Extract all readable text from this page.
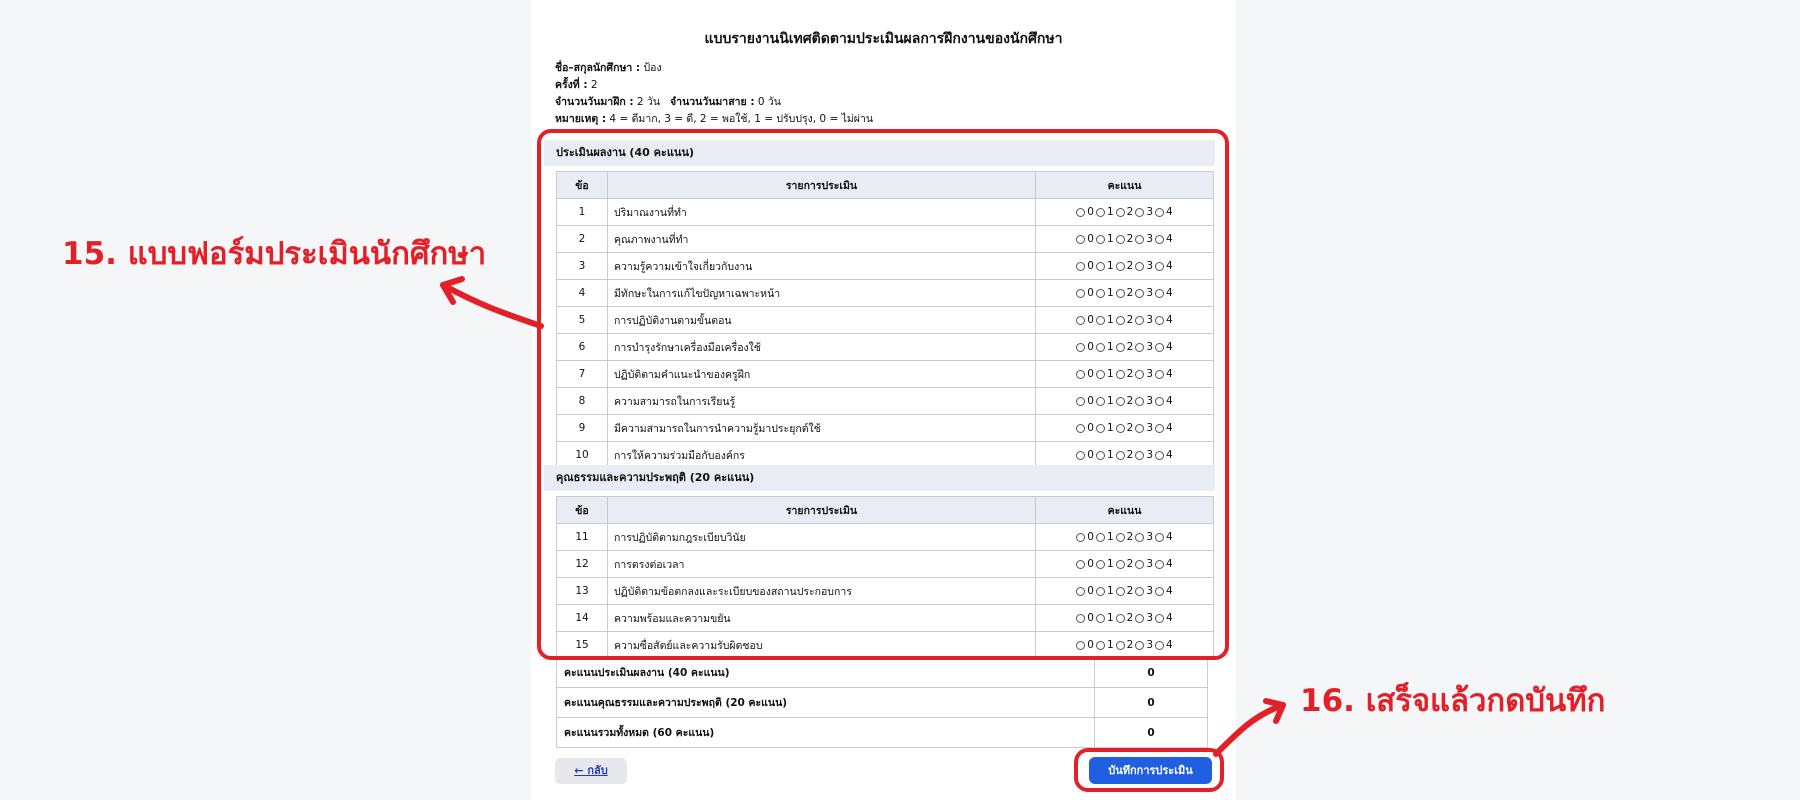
แบบรายงานนิเทศติดตามประเมินผลการฝึกงานของนักศึกษา
ชื่อ–สกุลนักศึกษา : ป้อง
ครั้งที่ : 2
จำนวนวันมาฝึก : 2 วัน จำนวนวันมาสาย : 0 วัน
หมายเหตุ : 4 = ดีมาก, 3 = ดี, 2 = พอใช้, 1 = ปรับปรุง, 0 = ไม่ผ่าน
ประเมินผลงาน (40 คะแนน)
ข้อ	รายการประเมิน	คะแนน
1	ปริมาณงานที่ทำ	0 1 2 3 4
2	คุณภาพงานที่ทำ	0 1 2 3 4
3	ความรู้ความเข้าใจเกี่ยวกับงาน	0 1 2 3 4
4	มีทักษะในการแก้ไขปัญหาเฉพาะหน้า	0 1 2 3 4
5	การปฏิบัติงานตามขั้นตอน	0 1 2 3 4
6	การบำรุงรักษาเครื่องมือเครื่องใช้	0 1 2 3 4
7	ปฏิบัติตามคำแนะนำของครูฝึก	0 1 2 3 4
8	ความสามารถในการเรียนรู้	0 1 2 3 4
9	มีความสามารถในการนำความรู้มาประยุกต์ใช้	0 1 2 3 4
10	การให้ความร่วมมือกับองค์กร	0 1 2 3 4
คุณธรรมและความประพฤติ (20 คะแนน)
ข้อ	รายการประเมิน	คะแนน
11	การปฏิบัติตามกฎระเบียบวินัย	0 1 2 3 4
12	การตรงต่อเวลา	0 1 2 3 4
13	ปฏิบัติตามข้อตกลงและระเบียบของสถานประกอบการ	0 1 2 3 4
14	ความพร้อมและความขยัน	0 1 2 3 4
15	ความซื่อสัตย์และความรับผิดชอบ	0 1 2 3 4
คะแนนประเมินผลงาน (40 คะแนน)	0
คะแนนคุณธรรมและความประพฤติ (20 คะแนน)	0
คะแนนรวมทั้งหมด (60 คะแนน)	0
← กลับ	บันทึกการประเมิน
15. แบบฟอร์มประเมินนักศึกษา
16. เสร็จแล้วกดบันทึก
